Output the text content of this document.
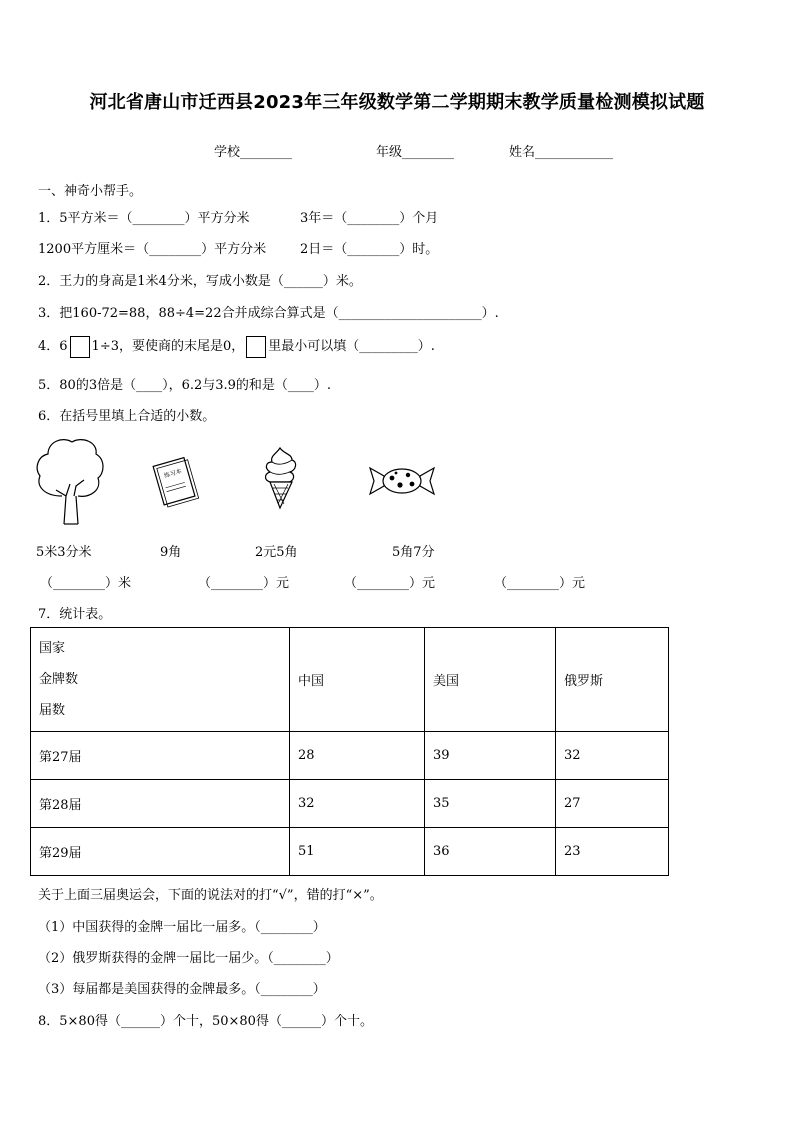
河北省唐山市迁西县2023年三年级数学第二学期期末教学质量检测模拟试题
学校________	年级________	姓名____________
一、神奇小帮手。
1．5平方米＝（________）平方分米	3年＝（________）个月
1200平方厘米＝（________）平方分米	2日＝（________）时。
2．王力的身高是1米4分米，写成小数是（______）米。
3．把160-72=88，88÷4=22合并成综合算式是（______________________）.
4．6 1÷3，要使商的末尾是0， 里最小可以填（_________）.
5．80的3倍是（____），6.2与3.9的和是（____）.
6．在括号里填上合适的小数。
练习本
5米3分米	9角	2元5角	5角7分
（________）米	（________）元	（________）元	（________）元
7．统计表。
国家
金牌数
届数	中国	美国	俄罗斯
第27届	28	39	32
第28届	32	35	27
第29届	51	36	23
关于上面三届奥运会，下面的说法对的打“√”，错的打“×”。
（1）中国获得的金牌一届比一届多。（________）
（2）俄罗斯获得的金牌一届比一届少。（________）
（3）每届都是美国获得的金牌最多。（________）
8．5×80得（______）个十，50×80得（______）个十。
